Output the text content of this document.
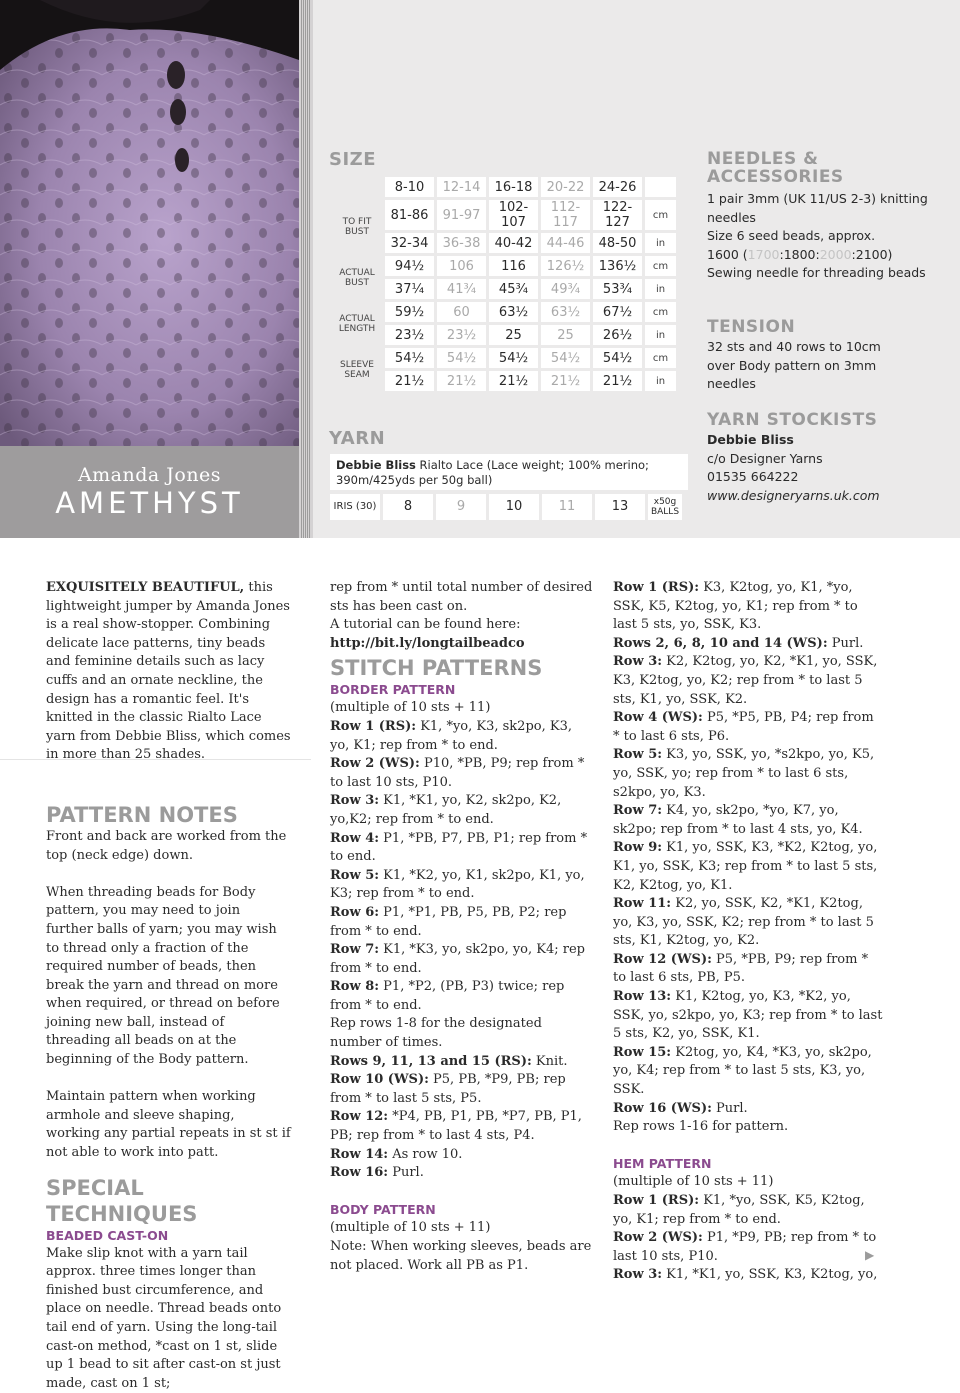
Amanda Jones
AMETHYST
SIZE
	8-10	12-14	16-18	20-22	24-26	
TO FIT BUST	81-86	91-97	102-107	112-117	122-127	cm
	32-34	36-38	40-42	44-46	48-50	in
ACTUAL BUST	94½	106	116	126½	136½	cm
	37¼	41¾	45¾	49¾	53¾	in
ACTUAL LENGTH	59½	60	63½	63½	67½	cm
	23½	23½	25	25	26½	in
SLEEVE SEAM	54½	54½	54½	54½	54½	cm
	21½	21½	21½	21½	21½	in
YARN
Debbie Bliss Rialto Lace (Lace weight; 100% merino; 390m/425yds per 50g ball)
IRIS (30)	8	9	10	11	13	x50g BALLS
NEEDLES & ACCESSORIES
1 pair 3mm (UK 11/US 2-3) knitting needles
Size 6 seed beads, approx.
1600 (1700:1800:2000:2100)
Sewing needle for threading beads
TENSION
32 sts and 40 rows to 10cm over Body pattern on 3mm needles
YARN STOCKISTS
Debbie Bliss
c/o Designer Yarns
01535 664222
www.designeryarns.uk.com

EXQUISITELY BEAUTIFUL, this lightweight jumper by Amanda Jones is a real show-stopper. Combining delicate lace patterns, tiny beads and feminine details such as lacy cuffs and an ornate neckline, the design has a romantic feel. It's knitted in the classic Rialto Lace yarn from Debbie Bliss, which comes in more than 25 shades.

PATTERN NOTES

Front and back are worked from the top (neck edge) down.

When threading beads for Body pattern, you may need to join further balls of yarn; you may wish to thread only a fraction of the required number of beads, then break the yarn and thread on more when required, or thread on before joining new ball, instead of threading all beads on at the beginning of the Body pattern.

Maintain pattern when working armhole and sleeve shaping, working any partial repeats in st st if not able to work into patt.

SPECIAL TECHNIQUES
BEADED CAST-ON

Make slip knot with a yarn tail approx. three times longer than finished bust circumference, and place on needle. Thread beads onto tail end of yarn. Using the long-tail cast-on method, *cast on 1 st, slide up 1 bead to sit after cast-on st just made, cast on 1 st;

rep from * until total number of desired sts has been cast on.

A tutorial can be found here:

http://bit.ly/longtailbeadco

STITCH PATTERNS
BORDER PATTERN

(multiple of 10 sts + 11)

Row 1 (RS): K1, *yo, K3, sk2po, K3, yo, K1; rep from * to end.

Row 2 (WS): P10, *PB, P9; rep from * to last 10 sts, P10.

Row 3: K1, *K1, yo, K2, sk2po, K2, yo,K2; rep from * to end.

Row 4: P1, *PB, P7, PB, P1; rep from * to end.

Row 5: K1, *K2, yo, K1, sk2po, K1, yo, K3; rep from * to end.

Row 6: P1, *P1, PB, P5, PB, P2; rep from * to end.

Row 7: K1, *K3, yo, sk2po, yo, K4; rep from * to end.

Row 8: P1, *P2, (PB, P3) twice; rep from * to end.

Rep rows 1-8 for the designated number of times.

Rows 9, 11, 13 and 15 (RS): Knit.

Row 10 (WS): P5, PB, *P9, PB; rep from * to last 5 sts, P5.

Row 12: *P4, PB, P1, PB, *P7, PB, P1, PB; rep from * to last 4 sts, P4.

Row 14: As row 10.

Row 16: Purl.

BODY PATTERN

(multiple of 10 sts + 11)

Note: When working sleeves, beads are not placed. Work all PB as P1.

Row 1 (RS): K3, K2tog, yo, K1, *yo, SSK, K5, K2tog, yo, K1; rep from * to last 5 sts, yo, SSK, K3.

Rows 2, 6, 8, 10 and 14 (WS): Purl.

Row 3: K2, K2tog, yo, K2, *K1, yo, SSK, K3, K2tog, yo, K2; rep from * to last 5 sts, K1, yo, SSK, K2.

Row 4 (WS): P5, *P5, PB, P4; rep from * to last 6 sts, P6.

Row 5: K3, yo, SSK, yo, *s2kpo, yo, K5, yo, SSK, yo; rep from * to last 6 sts, s2kpo, yo, K3.

Row 7: K4, yo, sk2po, *yo, K7, yo, sk2po; rep from * to last 4 sts, yo, K4.

Row 9: K1, yo, SSK, K3, *K2, K2tog, yo, K1, yo, SSK, K3; rep from * to last 5 sts, K2, K2tog, yo, K1.

Row 11: K2, yo, SSK, K2, *K1, K2tog, yo, K3, yo, SSK, K2; rep from * to last 5 sts, K1, K2tog, yo, K2.

Row 12 (WS): P5, *PB, P9; rep from * to last 6 sts, PB, P5.

Row 13: K1, K2tog, yo, K3, *K2, yo, SSK, yo, s2kpo, yo, K3; rep from * to last 5 sts, K2, yo, SSK, K1.

Row 15: K2tog, yo, K4, *K3, yo, sk2po, yo, K4; rep from * to last 5 sts, K3, yo, SSK.

Row 16 (WS): Purl.

Rep rows 1-16 for pattern.

HEM PATTERN

(multiple of 10 sts + 11)

Row 1 (RS): K1, *yo, SSK, K5, K2tog, yo, K1; rep from * to end.

Row 2 (WS): P1, *P9, PB; rep from * to last 10 sts, P10.

Row 3: K1, *K1, yo, SSK, K3, K2tog, yo,

▶
